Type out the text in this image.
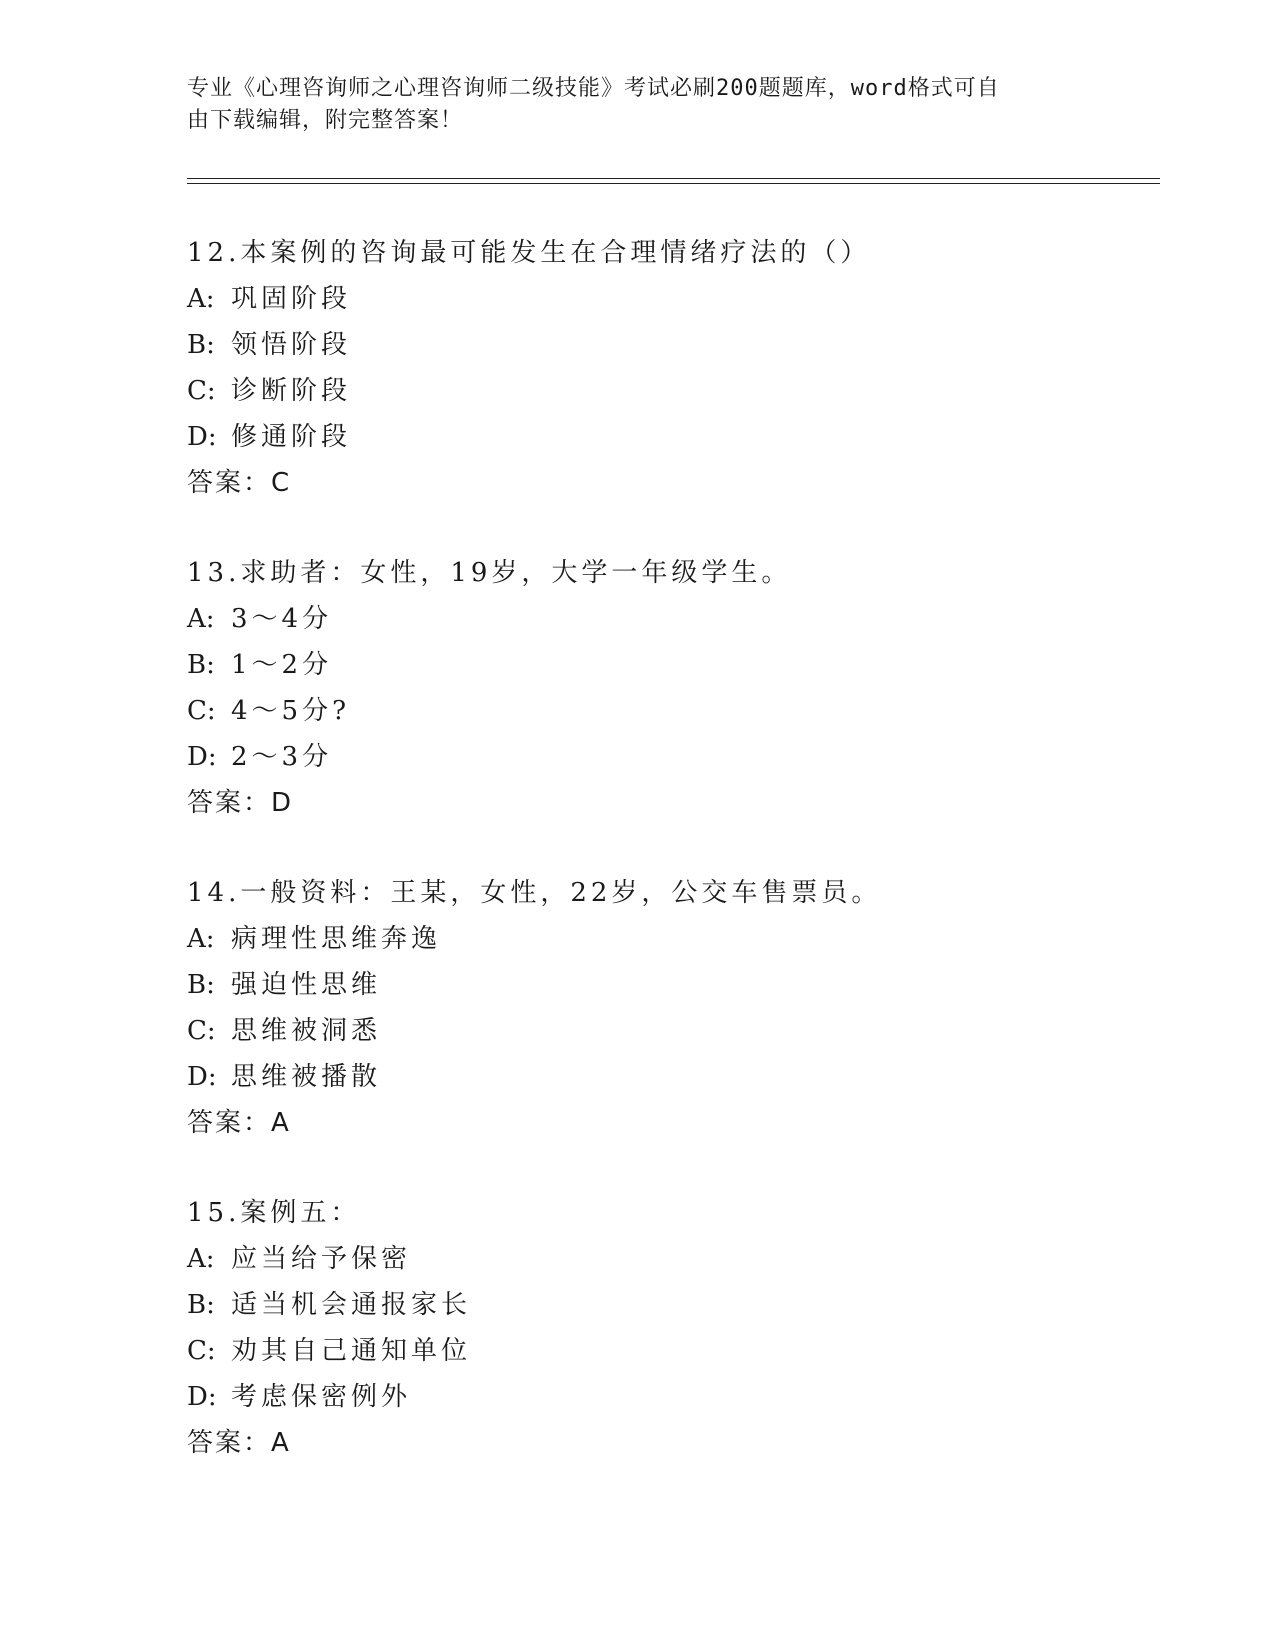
专业《心理咨询师之心理咨询师二级技能》考试必刷200题题库，word格式可自
由下载编辑，附完整答案！
12.本案例的咨询最可能发生在合理情绪疗法的（）
A: 巩固阶段
B: 领悟阶段
C: 诊断阶段
D: 修通阶段
答案：C
13.求助者：女性，19岁，大学一年级学生。
A: 3～4分
B: 1～2分
C: 4～5分?
D: 2～3分
答案：D
14.一般资料：王某，女性，22岁，公交车售票员。
A: 病理性思维奔逸
B: 强迫性思维
C: 思维被洞悉
D: 思维被播散
答案：A
15.案例五：
A: 应当给予保密
B: 适当机会通报家长
C: 劝其自己通知单位
D: 考虑保密例外
答案：A
